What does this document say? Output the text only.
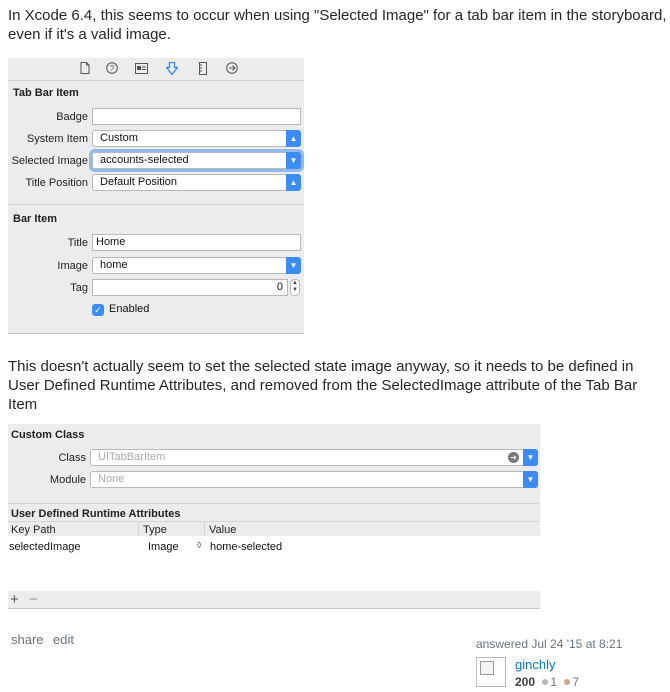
In Xcode 6.4, this seems to occur when using "Selected Image" for a tab bar item in the storyboard, even if it's a valid image.

?
Tab Bar Item
Badge
System Item	Custom	▲

Selected Image	accounts-selected	▼
Title Position	Default Position	▲
Bar Item
Title Home
Image	home	▼
Tag	0	▲
▼
✓ Enabled

This doesn't actually seem to set the selected state image anyway, so it needs to be defined in User Defined Runtime Attributes, and removed from the SelectedImage attribute of the Tab Bar Item

Custom Class
Class	UITabBarItem	➜	▼
Module	None	▼
User Defined Runtime Attributes
Key Path	Type	Value
selectedImage	Image ◊ home-selected
+ −
share edit	answered Jul 24 '15 at 8:21
ginchly
200 1 7
